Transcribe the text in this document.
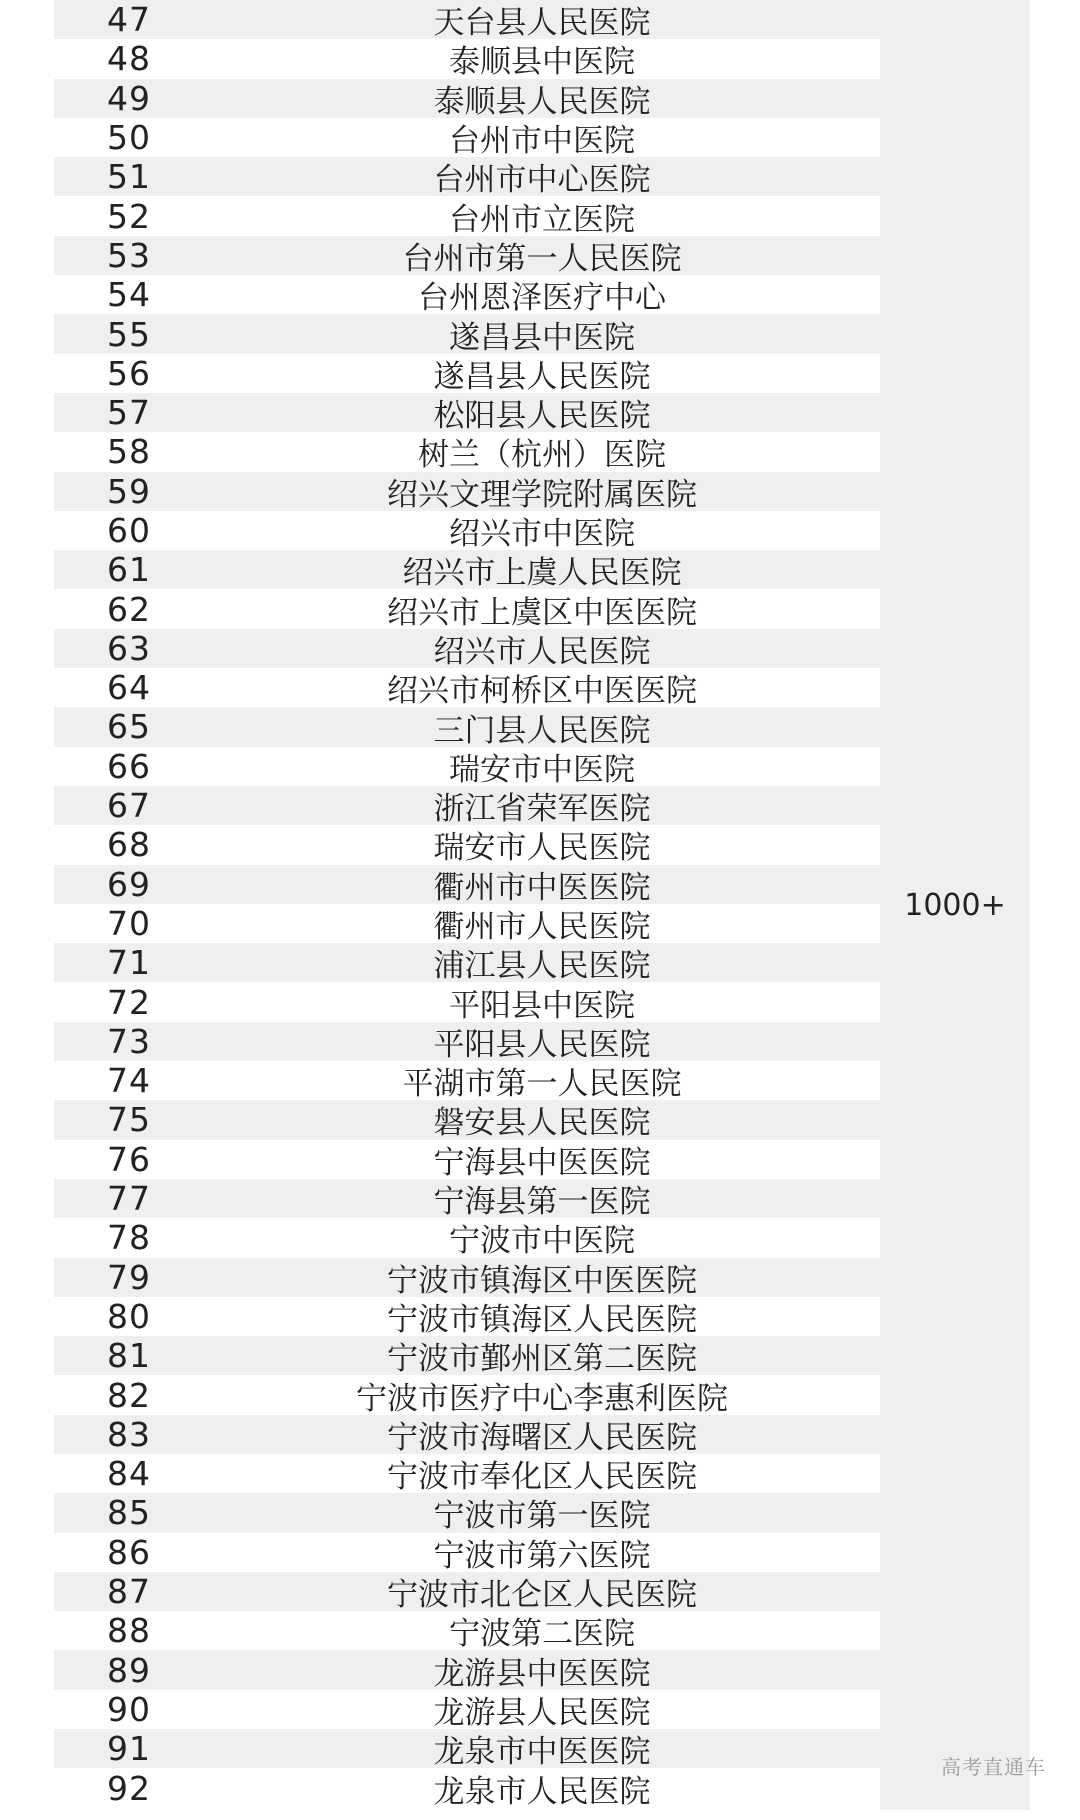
47	天台县人民医院
48	泰顺县中医院
49	泰顺县人民医院
50	台州市中医院
51	台州市中心医院
52	台州市立医院
53	台州市第一人民医院
54	台州恩泽医疗中心
55	遂昌县中医院
56	遂昌县人民医院
57	松阳县人民医院
58	树兰（杭州）医院
59	绍兴文理学院附属医院
60	绍兴市中医院
61	绍兴市上虞人民医院
62	绍兴市上虞区中医医院
63	绍兴市人民医院
64	绍兴市柯桥区中医医院
65	三门县人民医院
66	瑞安市中医院
67	浙江省荣军医院
68	瑞安市人民医院
69	衢州市中医医院
70	衢州市人民医院
71	浦江县人民医院
72	平阳县中医院
73	平阳县人民医院
74	平湖市第一人民医院
75	磐安县人民医院
76	宁海县中医医院
77	宁海县第一医院
78	宁波市中医院
79	宁波市镇海区中医医院
80	宁波市镇海区人民医院
81	宁波市鄞州区第二医院
82	宁波市医疗中心李惠利医院
83	宁波市海曙区人民医院
84	宁波市奉化区人民医院
85	宁波市第一医院
86	宁波市第六医院
87	宁波市北仑区人民医院
88	宁波第二医院
89	龙游县中医医院
90	龙游县人民医院
91	龙泉市中医医院
92	龙泉市人民医院
1000+
高考直通车
